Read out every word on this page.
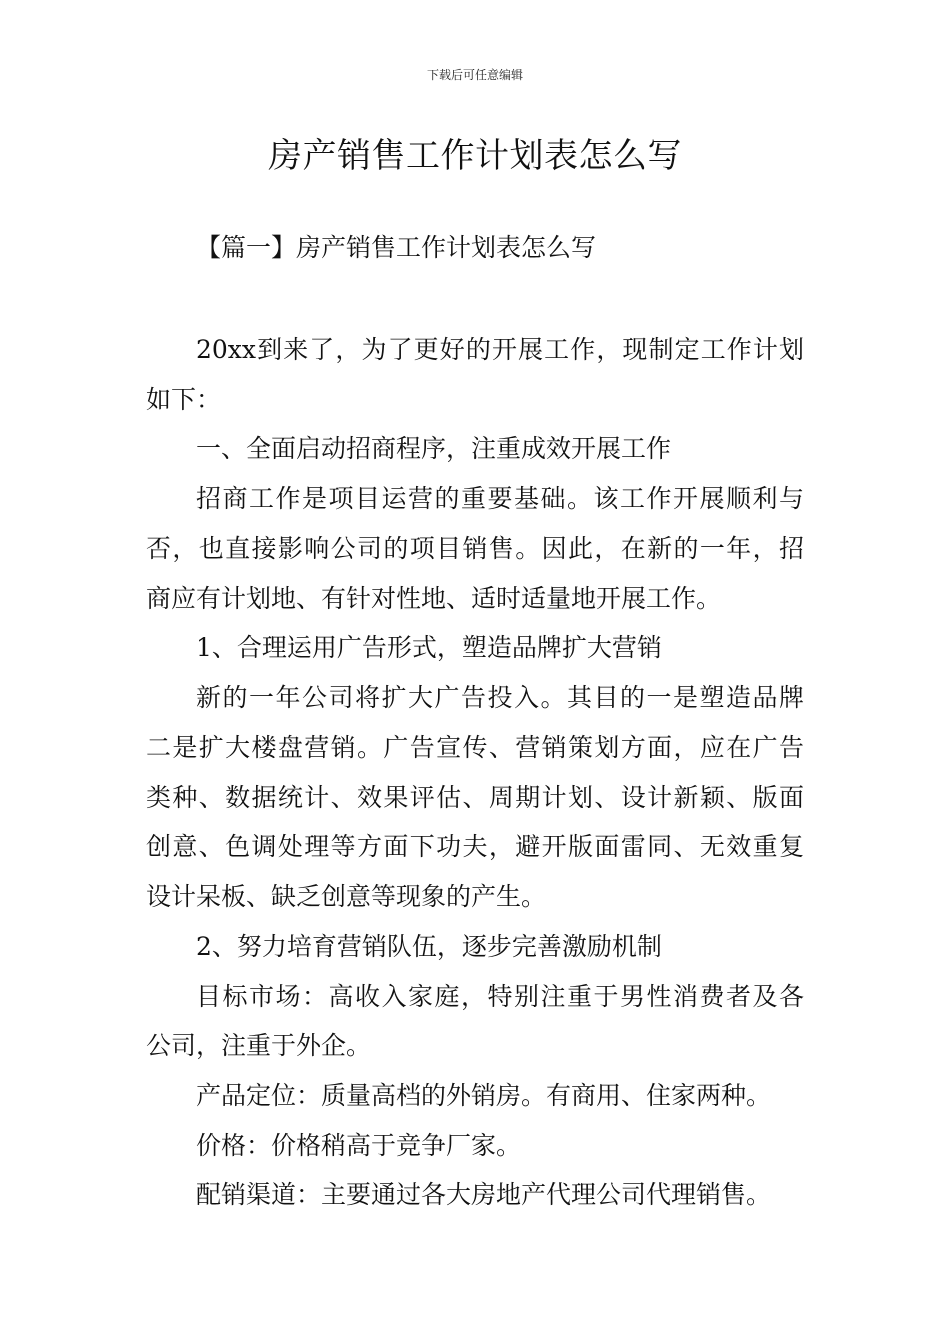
下载后可任意编辑
房产销售工作计划表怎么写
【篇一】房产销售工作计划表怎么写
20xx到来了，为了更好的开展工作，现制定工作计划
如下：
一、全面启动招商程序，注重成效开展工作
招商工作是项目运营的重要基础。该工作开展顺利与
否，也直接影响公司的项目销售。因此，在新的一年，招
商应有计划地、有针对性地、适时适量地开展工作。
1、合理运用广告形式，塑造品牌扩大营销
新的一年公司将扩大广告投入。其目的一是塑造品牌
二是扩大楼盘营销。广告宣传、营销策划方面，应在广告
类种、数据统计、效果评估、周期计划、设计新颖、版面
创意、色调处理等方面下功夫，避开版面雷同、无效重复
设计呆板、缺乏创意等现象的产生。
2、努力培育营销队伍，逐步完善激励机制
目标市场：高收入家庭，特别注重于男性消费者及各
公司，注重于外企。
产品定位：质量高档的外销房。有商用、住家两种。
价格：价格稍高于竞争厂家。
配销渠道：主要通过各大房地产代理公司代理销售。
